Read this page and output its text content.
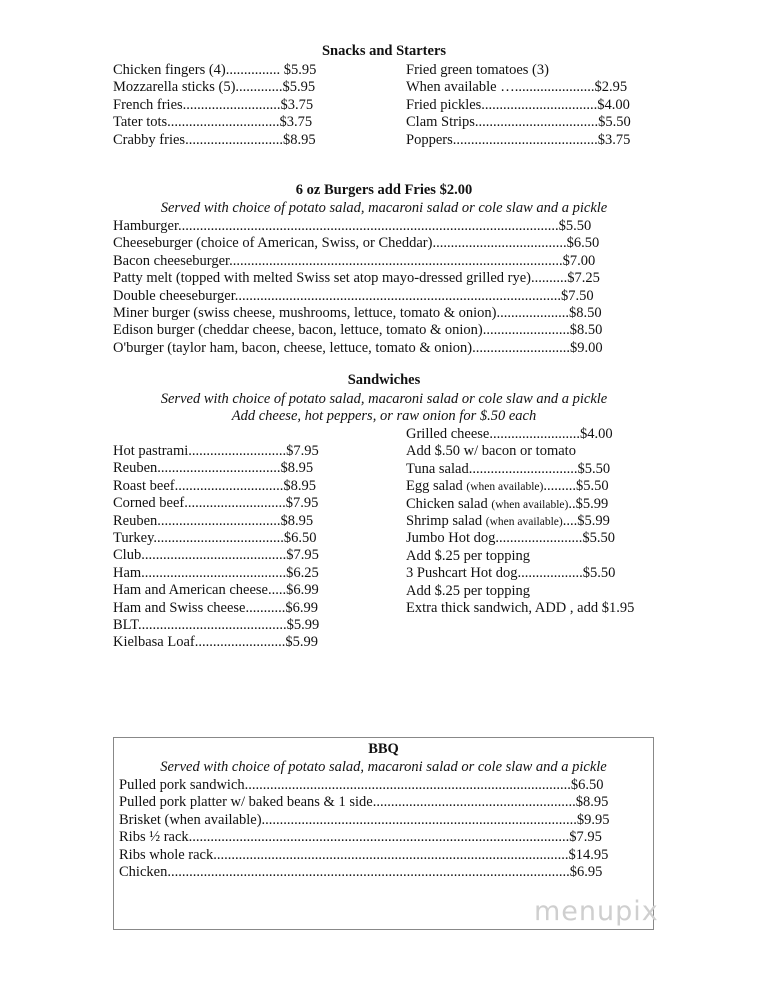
Snacks and Starters
Chicken fingers (4)............... $5.95
Mozzarella sticks (5).............$5.95
French fries...........................$3.75
Tater tots...............................$3.75
Crabby fries...........................$8.95
Fried green tomatoes (3)
When available …......................$2.95
Fried pickles................................$4.00
Clam Strips..................................$5.50
Poppers........................................$3.75
6 oz Burgers add Fries $2.00
Served with choice of potato salad, macaroni salad or cole slaw and a pickle
Hamburger.........................................................................................................$5.50
Cheeseburger (choice of American, Swiss, or Cheddar).....................................$6.50
Bacon cheeseburger............................................................................................$7.00
Patty melt (topped with melted Swiss set atop mayo-dressed grilled rye)..........$7.25
Double cheeseburger..........................................................................................$7.50
Miner burger (swiss cheese, mushrooms, lettuce, tomato & onion)....................$8.50
Edison burger (cheddar cheese, bacon, lettuce, tomato & onion)........................$8.50
O'burger (taylor ham, bacon, cheese, lettuce, tomato & onion)...........................$9.00
Sandwiches
Served with choice of potato salad, macaroni salad or cole slaw and a pickle
Add cheese, hot peppers, or raw onion for $.50 each
Hot pastrami...........................$7.95
Reuben..................................$8.95
Roast beef..............................$8.95
Corned beef............................$7.95
Reuben..................................$8.95
Turkey....................................$6.50
Club........................................$7.95
Ham........................................$6.25
Ham and American cheese.....$6.99
Ham and Swiss cheese...........$6.99
BLT.........................................$5.99
Kielbasa Loaf.........................$5.99
Grilled cheese.........................$4.00
Add $.50 w/ bacon or tomato
Tuna salad..............................$5.50
Egg salad (when available).........$5.50
Chicken salad (when available)..$5.99
Shrimp salad (when available)....$5.99
Jumbo Hot dog........................$5.50
Add $.25 per topping
3 Pushcart Hot dog..................$5.50
Add $.25 per topping
Extra thick sandwich, ADD , add $1.95
BBQ
Served with choice of potato salad, macaroni salad or cole slaw and a pickle
Pulled pork sandwich..........................................................................................$6.50
Pulled pork platter w/ baked beans & 1 side........................................................$8.95
Brisket (when available).......................................................................................$9.95
Ribs ½ rack.........................................................................................................$7.95
Ribs whole rack..................................................................................................$14.95
Chicken...............................................................................................................$6.95
menupix
